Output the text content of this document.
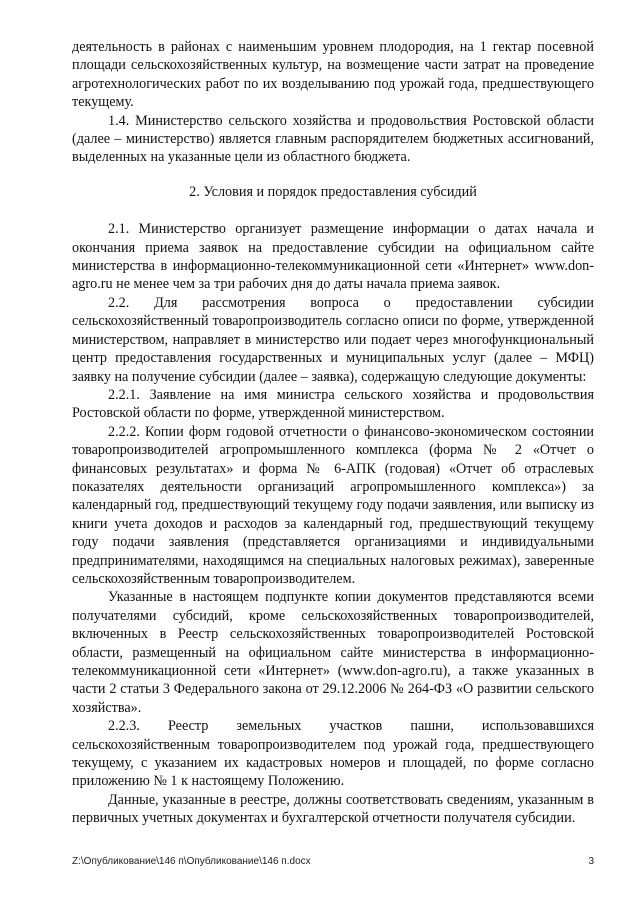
деятельность в районах с наименьшим уровнем плодородия, на 1 гектар посевной площади сельскохозяйственных культур, на возмещение части затрат на проведение агротехнологических работ по их возделыванию под урожай года, предшествующего текущему.

1.4. Министерство сельского хозяйства и продовольствия Ростовской области (далее – министерство) является главным распорядителем бюджетных ассигнований, выделенных на указанные цели из областного бюджета.

2. Условия и порядок предоставления субсидий

2.1. Министерство организует размещение информации о датах начала и окончания приема заявок на предоставление субсидии на официальном сайте министерства в информационно-телекоммуникационной сети «Интернет» www.don-agro.ru не менее чем за три рабочих дня до даты начала приема заявок.

2.2. Для рассмотрения вопроса о предоставлении субсидии сельскохозяйственный товаропроизводитель согласно описи по форме, утвержденной министерством, направляет в министерство или подает через многофункциональный центр предоставления государственных и муниципальных услуг (далее – МФЦ) заявку на получение субсидии (далее – заявка), содержащую следующие документы:

2.2.1. Заявление на имя министра сельского хозяйства и продовольствия Ростовской области по форме, утвержденной министерством.

2.2.2. Копии форм годовой отчетности о финансово-экономическом состоянии товаропроизводителей агропромышленного комплекса (форма № 2 «Отчет о финансовых результатах» и форма № 6-АПК (годовая) «Отчет об отраслевых показателях деятельности организаций агропромышленного комплекса») за календарный год, предшествующий текущему году подачи заявления, или выписку из книги учета доходов и расходов за календарный год, предшествующий текущему году подачи заявления (представляется организациями и индивидуальными предпринимателями, находящимся на специальных налоговых режимах), заверенные сельскохозяйственным товаропроизводителем.

Указанные в настоящем подпункте копии документов представляются всеми получателями субсидий, кроме сельскохозяйственных товаропроизводителей, включенных в Реестр сельскохозяйственных товаропроизводителей Ростовской области, размещенный на официальном сайте министерства в информационно-телекоммуникационной сети «Интернет» (www.don-agro.ru), а также указанных в части 2 статьи 3 Федерального закона от 29.12.2006 № 264-ФЗ «О развитии сельского хозяйства».

2.2.3. Реестр земельных участков пашни, использовавшихся сельскохозяйственным товаропроизводителем под урожай года, предшествующего текущему, с указанием их кадастровых номеров и площадей, по форме согласно приложению № 1 к настоящему Положению.

Данные, указанные в реестре, должны соответствовать сведениям, указанным в первичных учетных документах и бухгалтерской отчетности получателя субсидии.

Z:\Опубликование\146 п\Опубликование\146 п.docx	3
